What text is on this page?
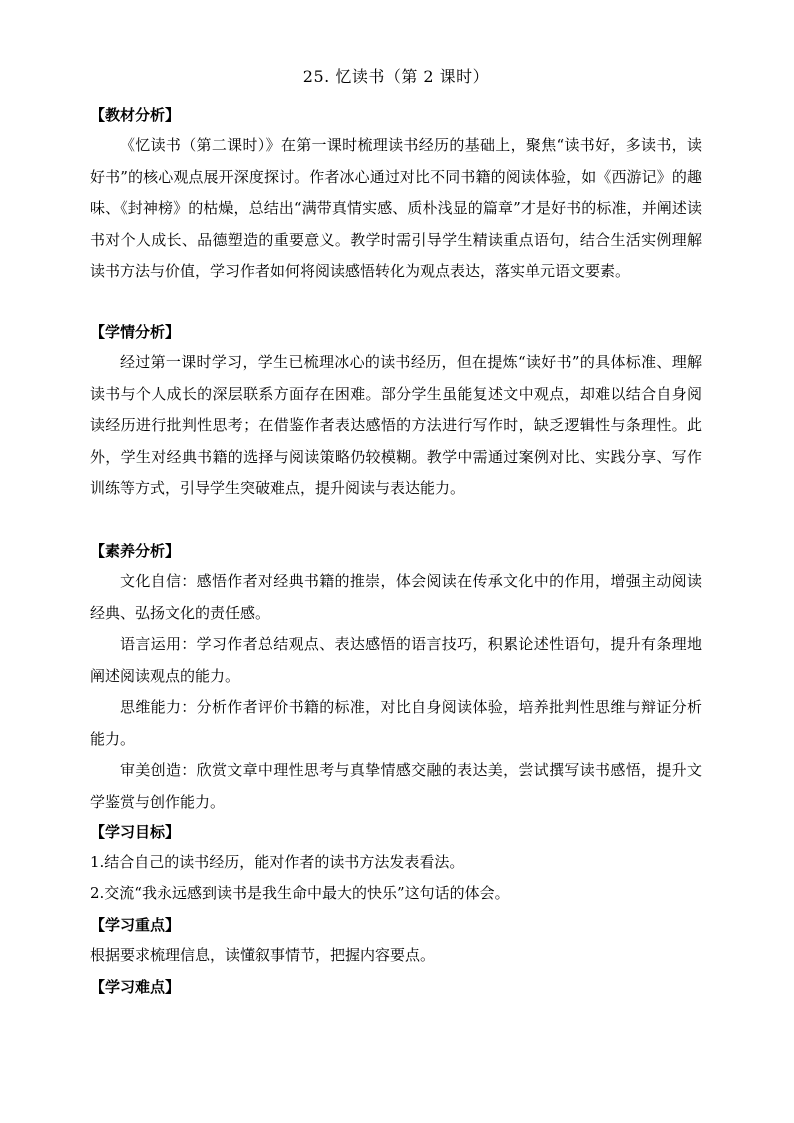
25. 忆读书（第 2 课时）
【教材分析】
《忆读书（第二课时）》在第一课时梳理读书经历的基础上，聚焦“读书好，多读书，读好书”的核心观点展开深度探讨。作者冰心通过对比不同书籍的阅读体验，如《西游记》的趣味、《封神榜》的枯燥，总结出“满带真情实感、质朴浅显的篇章”才是好书的标准，并阐述读书对个人成长、品德塑造的重要意义。教学时需引导学生精读重点语句，结合生活实例理解读书方法与价值，学习作者如何将阅读感悟转化为观点表达，落实单元语文要素。
【学情分析】
经过第一课时学习，学生已梳理冰心的读书经历，但在提炼“读好书”的具体标准、理解读书与个人成长的深层联系方面存在困难。部分学生虽能复述文中观点，却难以结合自身阅读经历进行批判性思考；在借鉴作者表达感悟的方法进行写作时，缺乏逻辑性与条理性。此外，学生对经典书籍的选择与阅读策略仍较模糊。教学中需通过案例对比、实践分享、写作训练等方式，引导学生突破难点，提升阅读与表达能力。
【素养分析】
文化自信：感悟作者对经典书籍的推崇，体会阅读在传承文化中的作用，增强主动阅读经典、弘扬文化的责任感。
语言运用：学习作者总结观点、表达感悟的语言技巧，积累论述性语句，提升有条理地阐述阅读观点的能力。
思维能力：分析作者评价书籍的标准，对比自身阅读体验，培养批判性思维与辩证分析能力。
审美创造：欣赏文章中理性思考与真挚情感交融的表达美，尝试撰写读书感悟，提升文学鉴赏与创作能力。
【学习目标】
1.结合自己的读书经历，能对作者的读书方法发表看法。
2.交流“我永远感到读书是我生命中最大的快乐”这句话的体会。
【学习重点】
根据要求梳理信息，读懂叙事情节，把握内容要点。
【学习难点】
